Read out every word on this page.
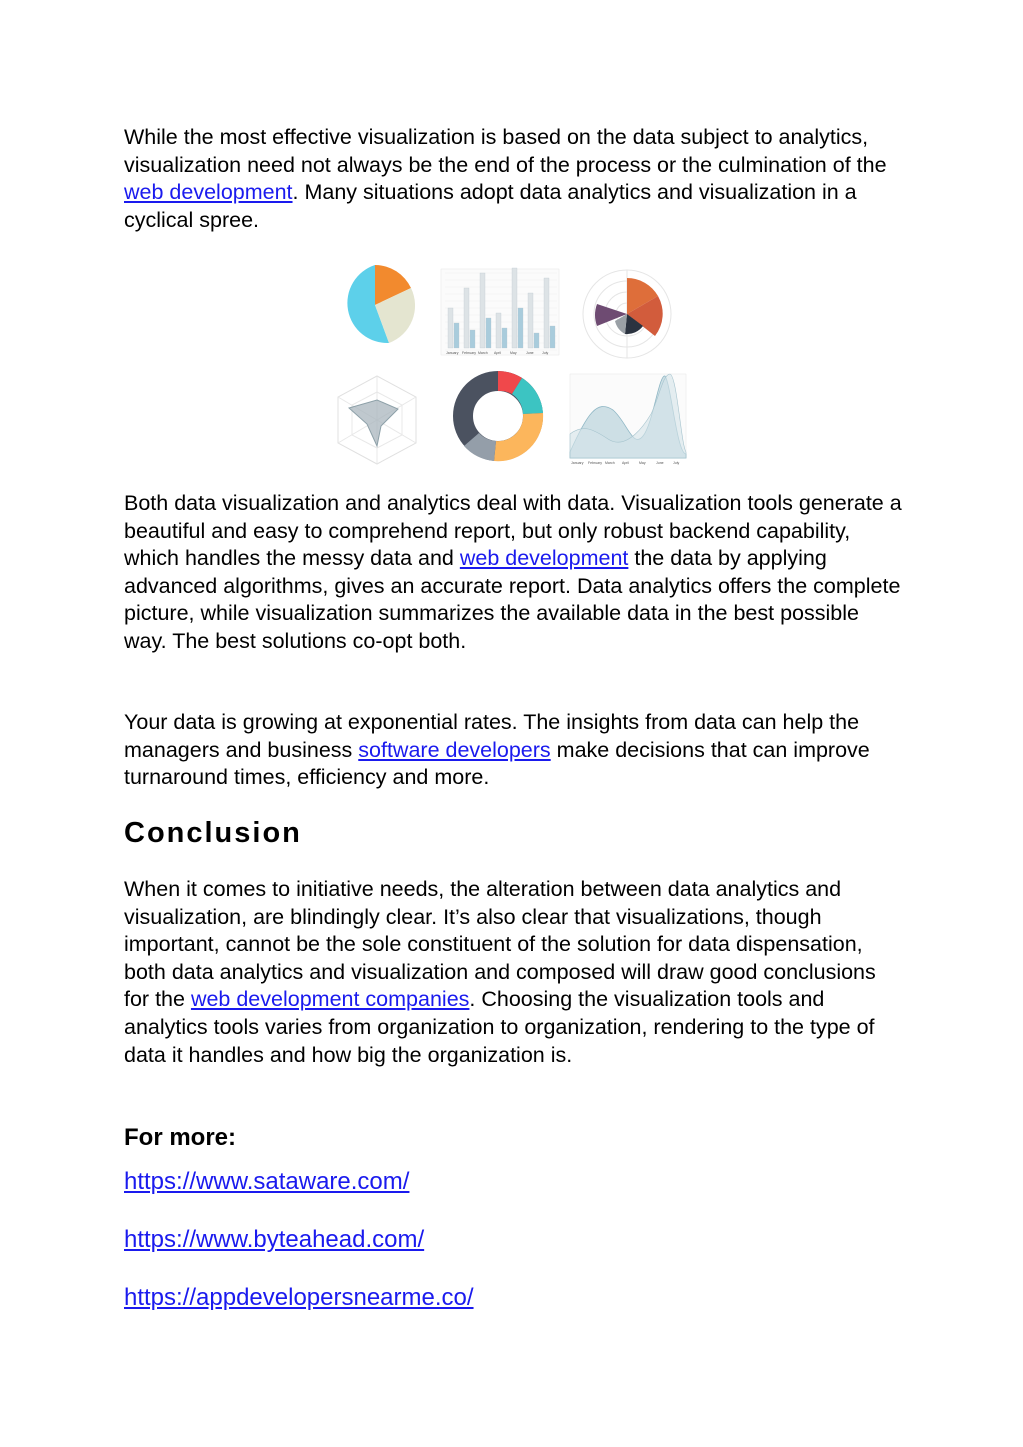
While the most effective visualization is based on the data subject to analytics, visualization need not always be the end of the process or the culmination of the web development. Many situations adopt data analytics and visualization in a cyclical spree.

January February March April	May	June July
January February March April	May	June	July

Both data visualization and analytics deal with data. Visualization tools generate a beautiful and easy to comprehend report, but only robust backend capability, which handles the messy data and web development the data by applying advanced algorithms, gives an accurate report. Data analytics offers the complete picture, while visualization summarizes the available data in the best possible way. The best solutions co-opt both.

Your data is growing at exponential rates. The insights from data can help the managers and business software developers make decisions that can improve turnaround times, efficiency and more.

Conclusion

When it comes to initiative needs, the alteration between data analytics and visualization, are blindingly clear. It’s also clear that visualizations, though important, cannot be the sole constituent of the solution for data dispensation, both data analytics and visualization and composed will draw good conclusions for the web development companies. Choosing the visualization tools and analytics tools varies from organization to organization, rendering to the type of data it handles and how big the organization is.

For more:
https://www.sataware.com/
https://www.byteahead.com/
https://appdevelopersnearme.co/
